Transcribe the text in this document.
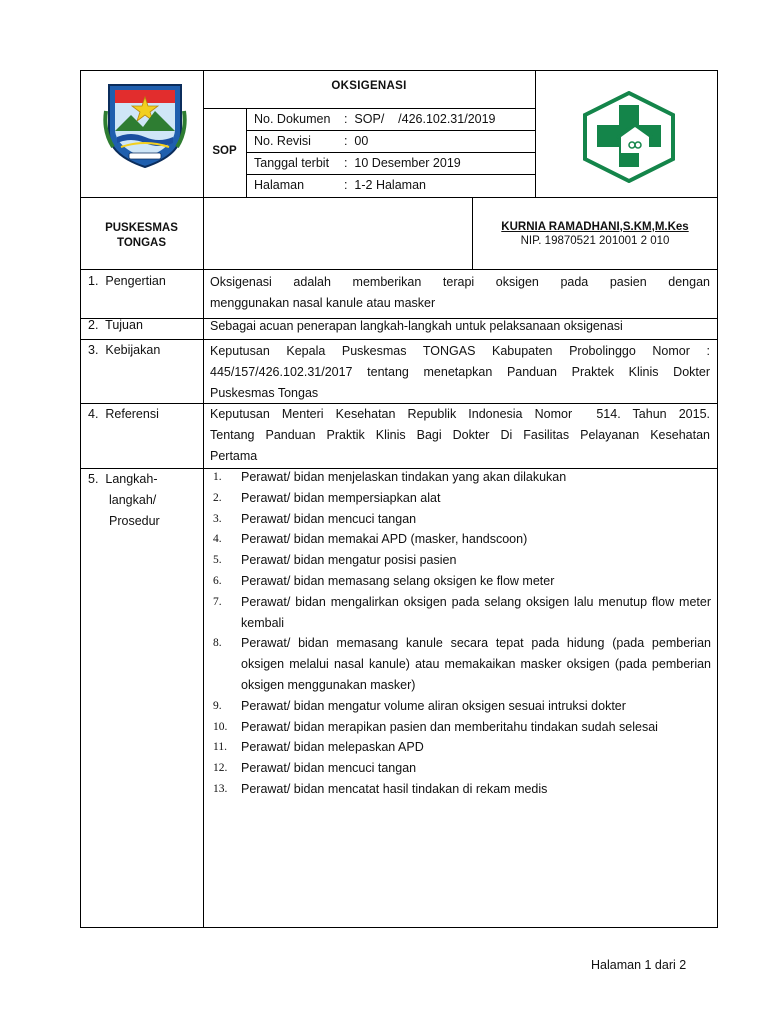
OKSIGENASI
SOP
No. Dokumen :  SOP/    /426.102.31/2019
No. Revisi	:  00
Tanggal terbit :  10 Desember 2019
Halaman	:  1-2 Halaman
PUSKESMAS
TONGAS
KURNIA RAMADHANI,S.KM,M.Kes
NIP. 19870521 201001 2 010
1.  Pengertian	Oksigenasi adalah memberikan terapi oksigen pada pasien dengan
menggunakan nasal kanule atau masker
2.  Tujuan	Sebagai acuan penerapan langkah-langkah untuk pelaksanaan oksigenasi
3.  Kebijakan	Keputusan Kepala Puskesmas TONGAS Kabupaten Probolinggo Nomor :
445/157/426.102.31/2017 tentang menetapkan Panduan Praktek Klinis Dokter
Puskesmas Tongas
4.  Referensi	Keputusan Menteri Kesehatan Republik Indonesia Nomor  514. Tahun 2015.
Tentang Panduan Praktik Klinis Bagi Dokter Di Fasilitas Pelayanan Kesehatan
Pertama
5.  Langkah-
langkah/
Prosedur
1. Perawat/ bidan menjelaskan tindakan yang akan dilakukan
2. Perawat/ bidan mempersiapkan alat
3. Perawat/ bidan mencuci tangan
4. Perawat/ bidan memakai APD (masker, handscoon)
5. Perawat/ bidan mengatur posisi pasien
6. Perawat/ bidan memasang selang oksigen ke flow meter
7. Perawat/ bidan mengalirkan oksigen pada selang oksigen lalu menutup flow meter kembali
8. Perawat/ bidan memasang kanule secara tepat pada hidung (pada pemberian oksigen melalui nasal kanule) atau memakaikan masker oksigen (pada pemberian oksigen menggunakan masker)
9. Perawat/ bidan mengatur volume aliran oksigen sesuai intruksi dokter
10. Perawat/ bidan merapikan pasien dan memberitahu tindakan sudah selesai
11. Perawat/ bidan melepaskan APD
12. Perawat/ bidan mencuci tangan
13. Perawat/ bidan mencatat hasil tindakan di rekam medis
Halaman 1 dari 2
